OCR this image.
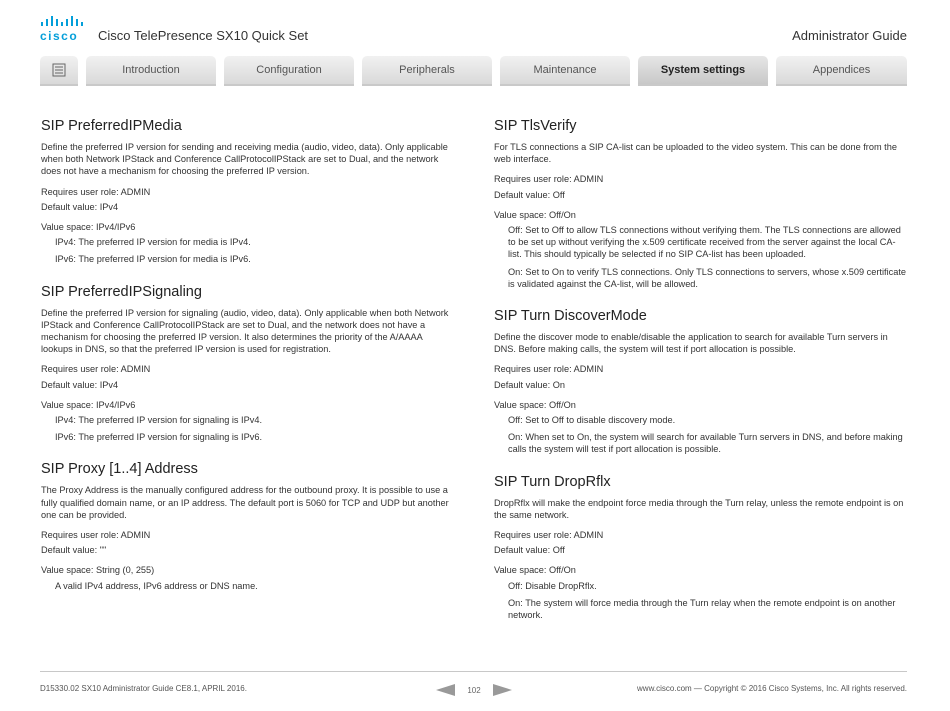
cisco Cisco TelePresence SX10 Quick Set	Administrator Guide
Introduction	Configuration	Peripherals	Maintenance	System settings	Appendices
SIP PreferredIPMedia

Define the preferred IP version for sending and receiving media (audio, video, data). Only applicable when both Network IPStack and Conference CallProtocolIPStack are set to Dual, and the network does not have a mechanism for choosing the preferred IP version.

Requires user role: ADMIN

Default value: IPv4

Value space: IPv4/IPv6

IPv4: The preferred IP version for media is IPv4.

IPv6: The preferred IP version for media is IPv6.

SIP PreferredIPSignaling

Define the preferred IP version for signaling (audio, video, data). Only applicable when both Network IPStack and Conference CallProtocolIPStack are set to Dual, and the network does not have a mechanism for choosing the preferred IP version. It also determines the priority of the A/AAAA lookups in DNS, so that the preferred IP version is used for registration.

Requires user role: ADMIN

Default value: IPv4

Value space: IPv4/IPv6

IPv4: The preferred IP version for signaling is IPv4.

IPv6: The preferred IP version for signaling is IPv6.

SIP Proxy [1..4] Address

The Proxy Address is the manually configured address for the outbound proxy. It is possible to use a fully qualified domain name, or an IP address. The default port is 5060 for TCP and UDP but another one can be provided.

Requires user role: ADMIN

Default value: ""

Value space: String (0, 255)

A valid IPv4 address, IPv6 address or DNS name.

SIP TlsVerify

For TLS connections a SIP CA-list can be uploaded to the video system. This can be done from the web interface.

Requires user role: ADMIN

Default value: Off

Value space: Off/On

Off: Set to Off to allow TLS connections without verifying them. The TLS connections are allowed to be set up without verifying the x.509 certificate received from the server against the local CA-list. This should typically be selected if no SIP CA-list has been uploaded.

On: Set to On to verify TLS connections. Only TLS connections to servers, whose x.509 certificate is validated against the CA-list, will be allowed.

SIP Turn DiscoverMode

Define the discover mode to enable/disable the application to search for available Turn servers in DNS. Before making calls, the system will test if port allocation is possible.

Requires user role: ADMIN

Default value: On

Value space: Off/On

Off: Set to Off to disable discovery mode.

On: When set to On, the system will search for available Turn servers in DNS, and before making calls the system will test if port allocation is possible.

SIP Turn DropRflx

DropRflx will make the endpoint force media through the Turn relay, unless the remote endpoint is on the same network.

Requires user role: ADMIN

Default value: Off

Value space: Off/On

Off: Disable DropRflx.

On: The system will force media through the Turn relay when the remote endpoint is on another network.

D15330.02 SX10 Administrator Guide CE8.1, APRIL 2016.	102	www.cisco.com — Copyright © 2016 Cisco Systems, Inc. All rights reserved.
